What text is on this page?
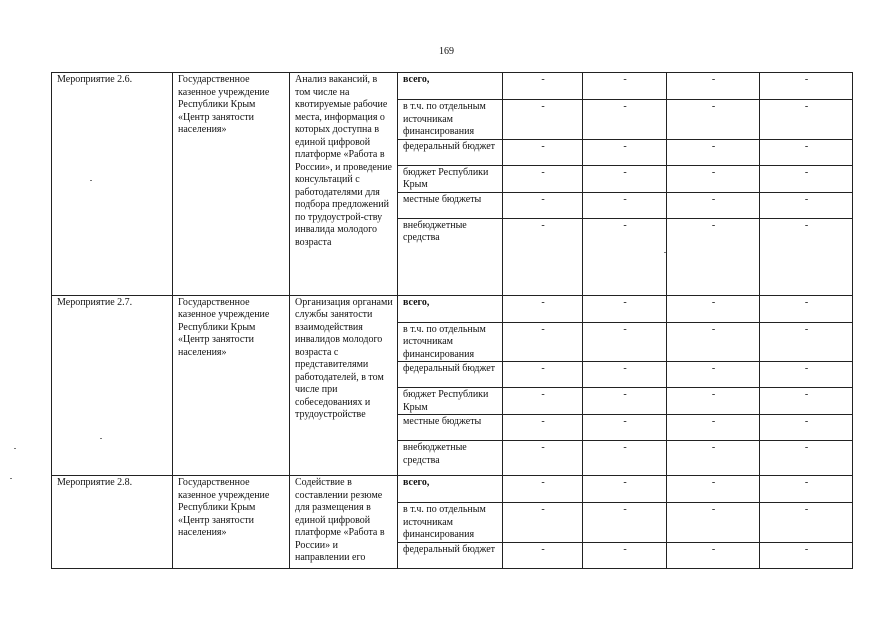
169
Мероприятие 2.6.	Государственное казенное учреждение Республики Крым «Центр занятости населения»	Анализ вакансий, в том числе на квотируемые рабочие места, информация о которых доступна в единой цифровой платформе «Работа в России», и проведение консультаций с работодателями для подбора предложений по трудоустрой-ству инвалида молодого возраста	всего,	-	-	-	-
			в т.ч. по отдельным источникам финансирования	-	-	-	-
			федеральный бюджет	-	-	-	-
			бюджет Республики Крым	-	-	-	-
			местные бюджеты	-	-	-	-
			внебюджетные средства	-	-	-	-
Мероприятие 2.7.	Государственное казенное учреждение Республики Крым «Центр занятости населения»	Организация органами службы занятости взаимодействия инвалидов молодого возраста с представителями работодателей, в том числе при собеседованиях и трудоустройстве	всего,	-	-	-	-
			в т.ч. по отдельным источникам финансирования	-	-	-	-
			федеральный бюджет	-	-	-	-
			бюджет Республики Крым	-	-	-	-
			местные бюджеты	-	-	-	-
			внебюджетные средства	-	-	-	-
Мероприятие 2.8.	Государственное казенное учреждение Республики Крым «Центр занятости населения»	Содействие в составлении резюме для размещения в единой цифровой платформе «Работа в России» и направлении его	всего,	-	-	-	-
			в т.ч. по отдельным источникам финансирования	-	-	-	-
			федеральный бюджет	-	-	-	-
